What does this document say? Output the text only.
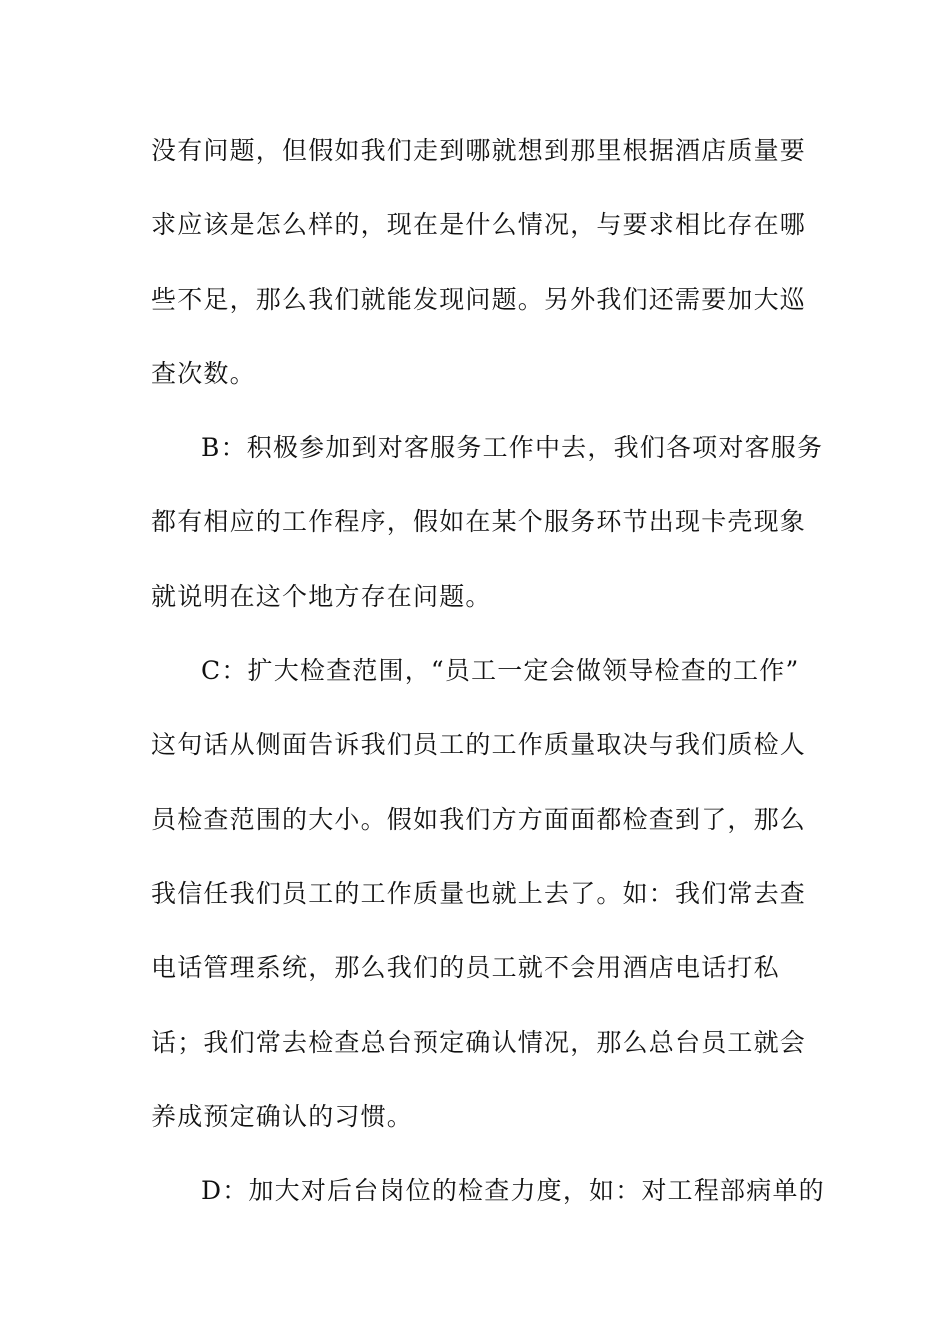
没有问题，但假如我们走到哪就想到那里根据酒店质量要
求应该是怎么样的，现在是什么情况，与要求相比存在哪
些不足，那么我们就能发现问题。另外我们还需要加大巡
查次数。
B：积极参加到对客服务工作中去，我们各项对客服务
都有相应的工作程序，假如在某个服务环节出现卡壳现象
就说明在这个地方存在问题。
C：扩大检查范围，“员工一定会做领导检查的工作”
这句话从侧面告诉我们员工的工作质量取决与我们质检人
员检查范围的大小。假如我们方方面面都检查到了，那么
我信任我们员工的工作质量也就上去了。如：我们常去查
电话管理系统，那么我们的员工就不会用酒店电话打私
话；我们常去检查总台预定确认情况，那么总台员工就会
养成预定确认的习惯。
D：加大对后台岗位的检查力度，如：对工程部病单的
